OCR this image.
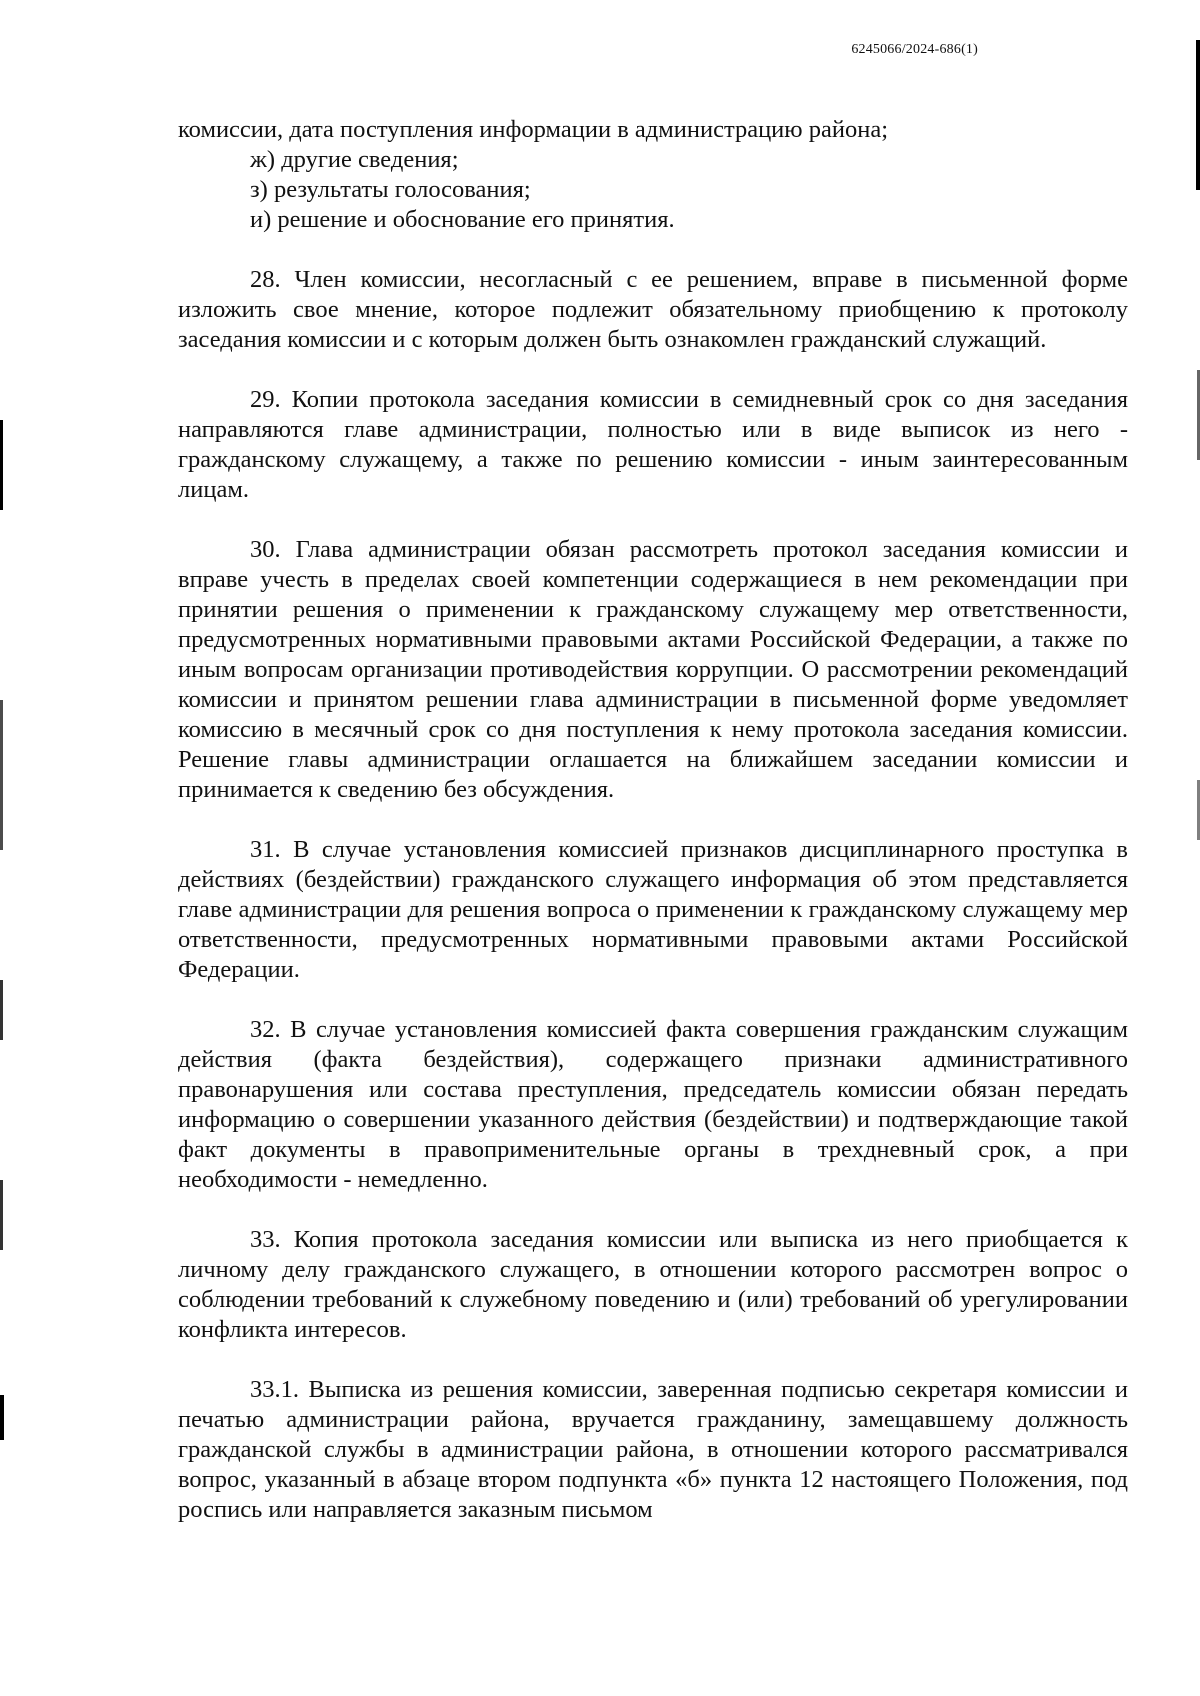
6245066/2024-686(1)

комиссии, дата поступления информации в администрацию района;

ж) другие сведения;

з) результаты голосования;

и) решение и обоснование его принятия.

28. Член комиссии, несогласный с ее решением, вправе в письменной форме изложить свое мнение, которое подлежит обязательному приобщению к протоколу заседания комиссии и с которым должен быть ознакомлен гражданский служащий.

29. Копии протокола заседания комиссии в семидневный срок со дня заседания направляются главе администрации, полностью или в виде выписок из него - гражданскому служащему, а также по решению комиссии - иным заинтересованным лицам.

30. Глава администрации обязан рассмотреть протокол заседания комиссии и вправе учесть в пределах своей компетенции содержащиеся в нем рекомендации при принятии решения о применении к гражданскому служащему мер ответственности, предусмотренных нормативными правовыми актами Российской Федерации, а также по иным вопросам организации противодействия коррупции. О рассмотрении рекомендаций комиссии и принятом решении глава администрации в письменной форме уведомляет комиссию в месячный срок со дня поступления к нему протокола заседания комиссии. Решение главы администрации оглашается на ближайшем заседании комиссии и принимается к сведению без обсуждения.

31. В случае установления комиссией признаков дисциплинарного проступка в действиях (бездействии) гражданского служащего информация об этом представляется главе администрации для решения вопроса о применении к гражданскому служащему мер ответственности, предусмотренных нормативными правовыми актами Российской Федерации.

32. В случае установления комиссией факта совершения гражданским служащим действия (факта бездействия), содержащего признаки административного правонарушения или состава преступления, председатель комиссии обязан передать информацию о совершении указанного действия (бездействии) и подтверждающие такой факт документы в правоприменительные органы в трехдневный срок, а при необходимости - немедленно.

33. Копия протокола заседания комиссии или выписка из него приобщается к личному делу гражданского служащего, в отношении которого рассмотрен вопрос о соблюдении требований к служебному поведению и (или) требований об урегулировании конфликта интересов.

33.1. Выписка из решения комиссии, заверенная подписью секретаря комиссии и печатью администрации района, вручается гражданину, замещавшему должность гражданской службы в администрации района, в отношении которого рассматривался вопрос, указанный в абзаце втором подпункта «б» пункта 12 настоящего Положения, под роспись или направляется заказным письмом
